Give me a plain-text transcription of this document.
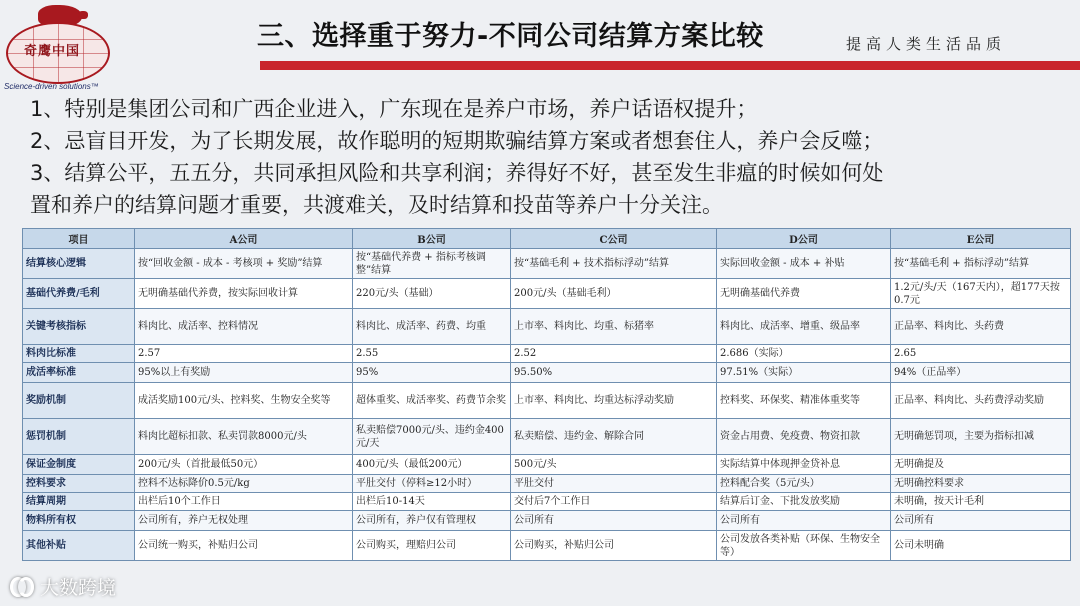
奇鹰中国
Science-driven solutions™
三、选择重于努力-不同公司结算方案比较	提高人类生活品质
1、特别是集团公司和广西企业进入，广东现在是养户市场，养户话语权提升；
2、忌盲目开发，为了长期发展，故作聪明的短期欺骗结算方案或者想套住人，养户会反噬；
3、结算公平，五五分，共同承担风险和共享利润；养得好不好，甚至发生非瘟的时候如何处
置和养户的结算问题才重要，共渡难关，及时结算和投苗等养户十分关注。
项目	A公司	B公司	C公司	D公司	E公司
结算核心逻辑	按“回收金额 - 成本 - 考核项 + 奖励”结算	按“基础代养费 + 指标考核调整”结算	按“基础毛利 + 技术指标浮动”结算	实际回收金额 - 成本 + 补贴	按“基础毛利 + 指标浮动”结算
基础代养费/毛利	无明确基础代养费，按实际回收计算	220元/头（基础）	200元/头（基础毛利）	无明确基础代养费	1.2元/头/天（167天内），超177天按0.7元
关键考核指标	料肉比、成活率、控料情况	料肉比、成活率、药费、均重	上市率、料肉比、均重、标猪率	料肉比、成活率、增重、级品率	正品率、料肉比、头药费
料肉比标准	2.57	2.55	2.52	2.686（实际）	2.65
成活率标准	95%以上有奖励	95%	95.50%	97.51%（实际）	94%（正品率）
奖励机制	成活奖励100元/头、控料奖、生物安全奖等	超体重奖、成活率奖、药费节余奖	上市率、料肉比、均重达标浮动奖励	控料奖、环保奖、精准体重奖等	正品率、料肉比、头药费浮动奖励
惩罚机制	料肉比超标扣款、私卖罚款8000元/头	私卖赔偿7000元/头、违约金400元/天	私卖赔偿、违约金、解除合同	资金占用费、免疫费、物资扣款	无明确惩罚项，主要为指标扣减
保证金制度	200元/头（首批最低50元）	400元/头（最低200元）	500元/头	实际结算中体现押金贷补息	无明确提及
控料要求	控料不达标降价0.5元/kg	平肚交付（停料≥12小时）	平肚交付	控料配合奖（5元/头）	无明确控料要求
结算周期	出栏后10个工作日	出栏后10-14天	交付后7个工作日	结算后订金、下批发放奖励	未明确，按天计毛利
物料所有权	公司所有，养户无权处理	公司所有，养户仅有管理权	公司所有	公司所有	公司所有
其他补贴	公司统一购买，补贴归公司	公司购买，理赔归公司	公司购买，补贴归公司	公司发放各类补贴（环保、生物安全等）	公司未明确
大数跨境
